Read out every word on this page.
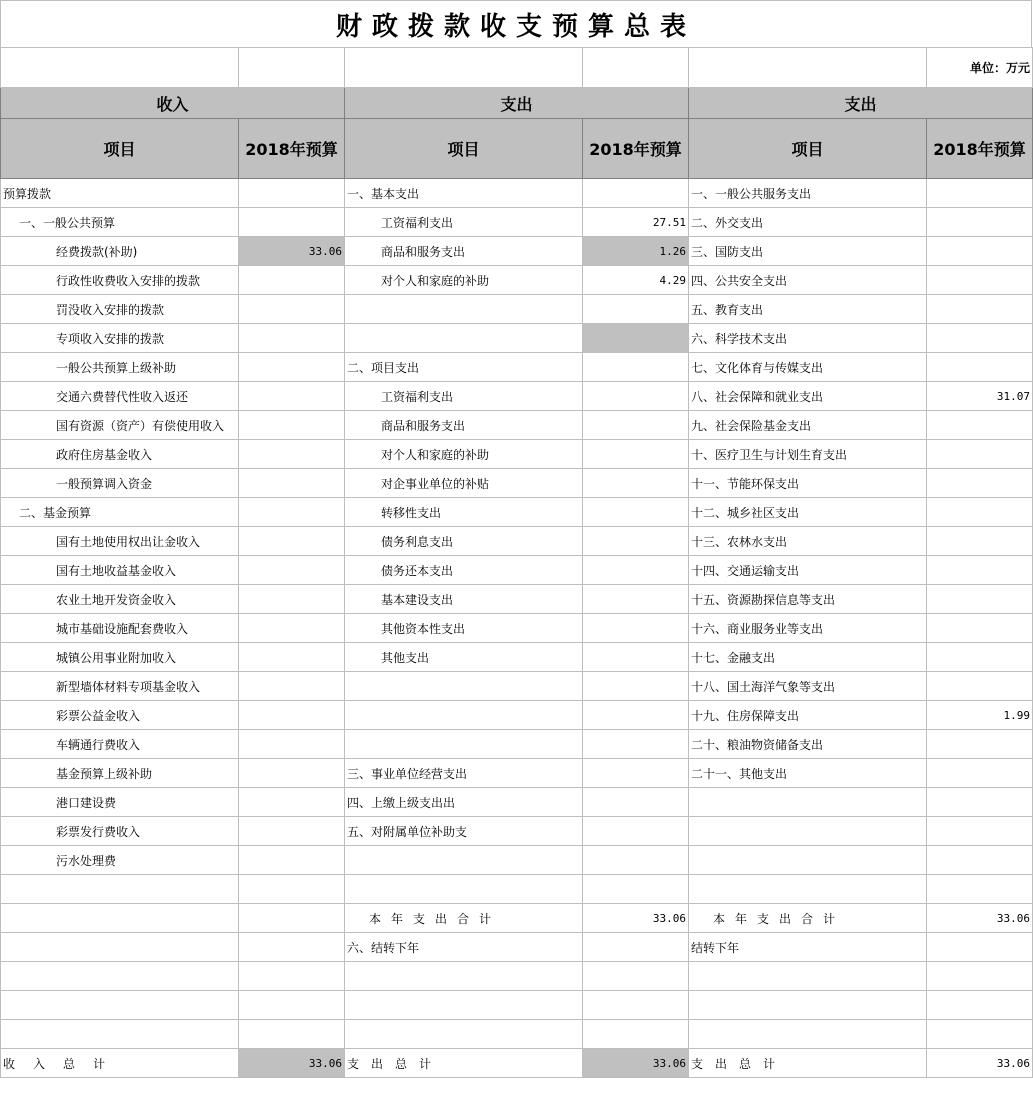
财政拨款收支预算总表
					单位：万元
收入		支出		支出	
项目	2018年预算	项目	2018年预算	项目	2018年预算
预算拨款		一、基本支出		一、一般公共服务支出	
一、一般公共预算		工资福利支出	27.51	二、外交支出	
经费拨款(补助)	33.06	商品和服务支出	1.26	三、国防支出	
行政性收费收入安排的拨款		对个人和家庭的补助	4.29	四、公共安全支出	
罚没收入安排的拨款				五、教育支出	
专项收入安排的拨款				六、科学技术支出	
一般公共预算上级补助		二、项目支出		七、文化体育与传媒支出	
交通六费替代性收入返还		工资福利支出		八、社会保障和就业支出	31.07
国有资源（资产）有偿使用收入		商品和服务支出		九、社会保险基金支出	
政府住房基金收入		对个人和家庭的补助		十、医疗卫生与计划生育支出	
一般预算调入资金		对企事业单位的补贴		十一、节能环保支出	
二、基金预算		转移性支出		十二、城乡社区支出	
国有土地使用权出让金收入		债务利息支出		十三、农林水支出	
国有土地收益基金收入		债务还本支出		十四、交通运输支出	
农业土地开发资金收入		基本建设支出		十五、资源勘探信息等支出	
城市基础设施配套费收入		其他资本性支出		十六、商业服务业等支出	
城镇公用事业附加收入		其他支出		十七、金融支出	
新型墙体材料专项基金收入				十八、国土海洋气象等支出	
彩票公益金收入				十九、住房保障支出	1.99
车辆通行费收入				二十、粮油物资储备支出	
基金预算上级补助		三、事业单位经营支出		二十一、其他支出	
港口建设费		四、上缴上级支出出			
彩票发行费收入		五、对附属单位补助支			
污水处理费					

		本年支出合计	33.06	本年支出合计	33.06
		六、结转下年		结转下年	

收入总计	33.06	支出总计	33.06	支出总计	33.06
